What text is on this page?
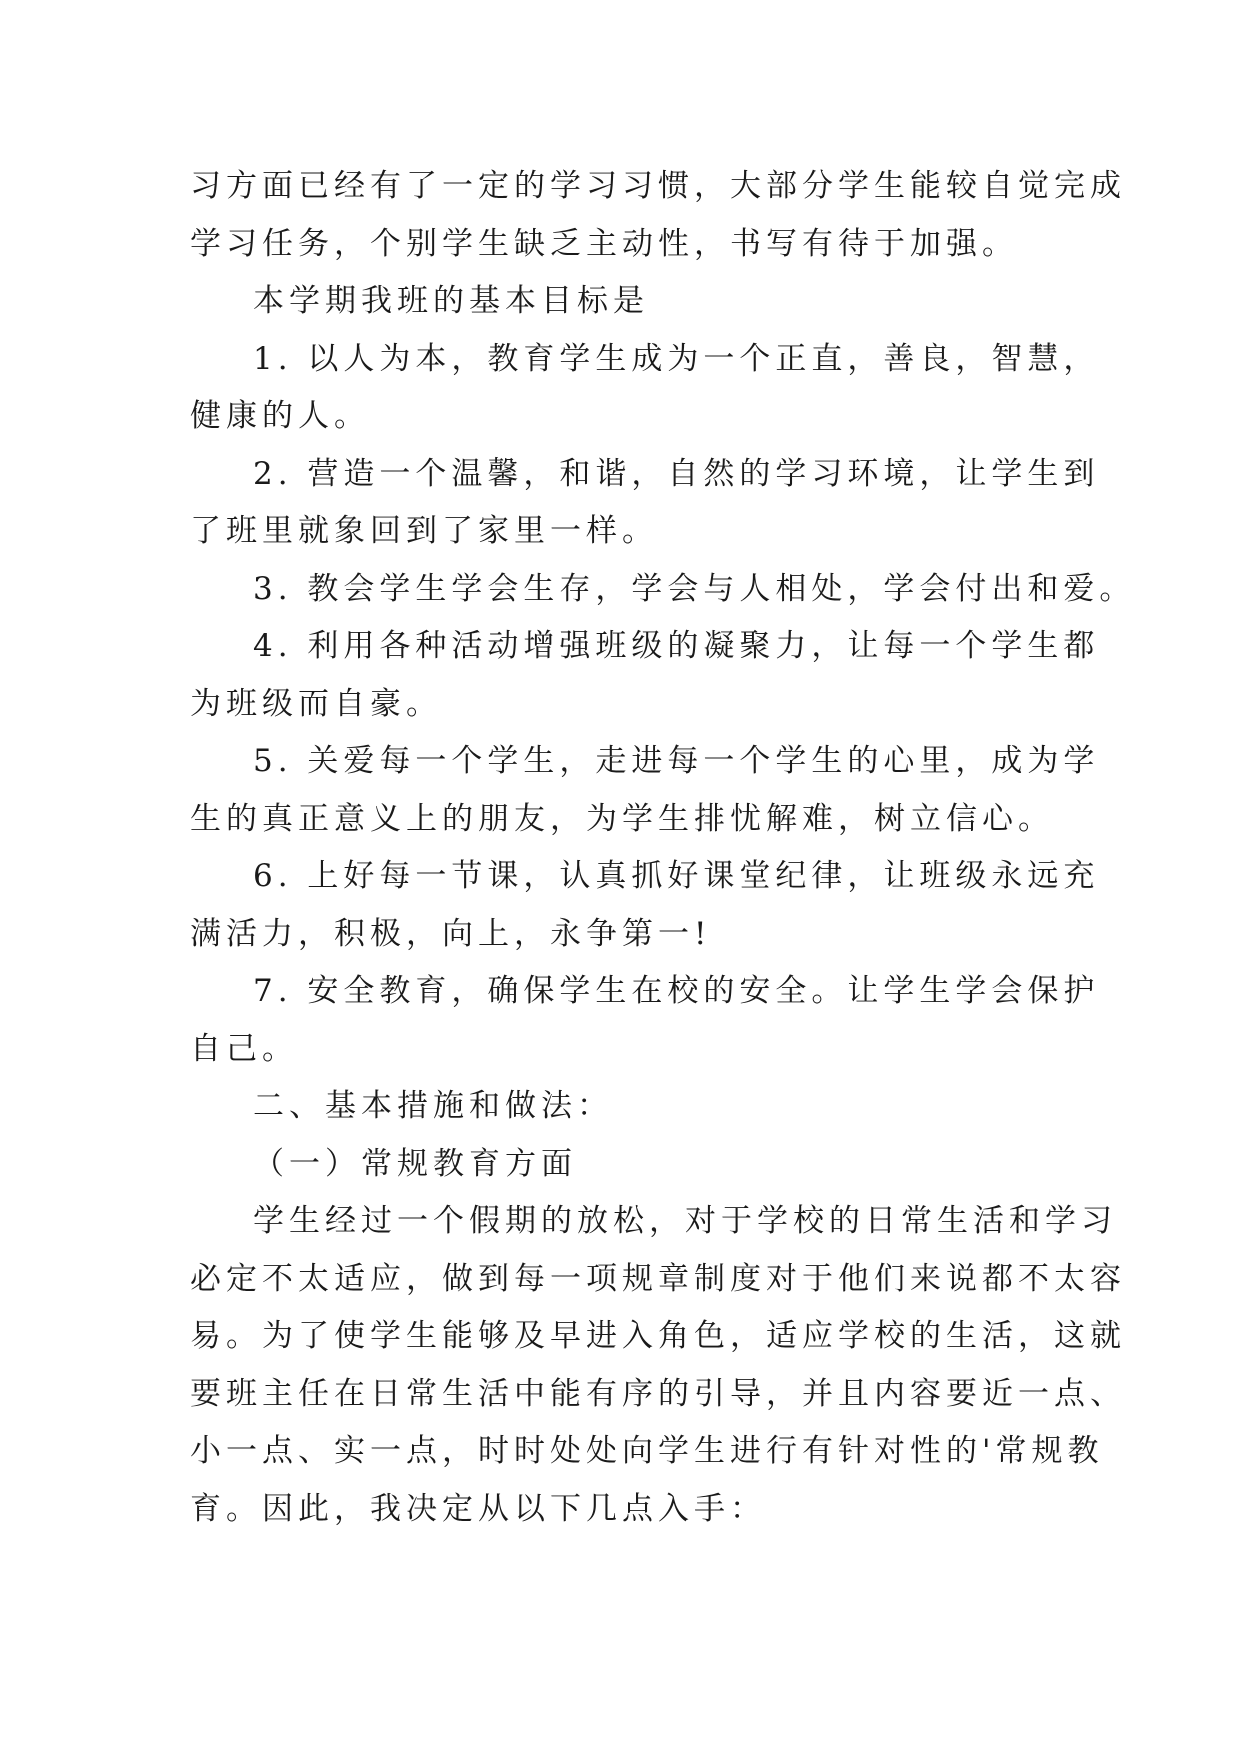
习方面已经有了一定的学习习惯，大部分学生能较自觉完成

学习任务，个别学生缺乏主动性，书写有待于加强。

本学期我班的基本目标是

1. 以人为本，教育学生成为一个正直，善良，智慧，

健康的人。

2. 营造一个温馨，和谐，自然的学习环境，让学生到

了班里就象回到了家里一样。

3. 教会学生学会生存，学会与人相处，学会付出和爱。

4. 利用各种活动增强班级的凝聚力，让每一个学生都

为班级而自豪。

5. 关爱每一个学生，走进每一个学生的心里，成为学

生的真正意义上的朋友，为学生排忧解难，树立信心。

6. 上好每一节课，认真抓好课堂纪律，让班级永远充

满活力，积极，向上，永争第一!

7. 安全教育，确保学生在校的安全。让学生学会保护

自己。

二、基本措施和做法：

（一）常规教育方面

学生经过一个假期的放松，对于学校的日常生活和学习

必定不太适应，做到每一项规章制度对于他们来说都不太容

易。为了使学生能够及早进入角色，适应学校的生活，这就

要班主任在日常生活中能有序的引导，并且内容要近一点、

小一点、实一点，时时处处向学生进行有针对性的'常规教

育。因此，我决定从以下几点入手：
